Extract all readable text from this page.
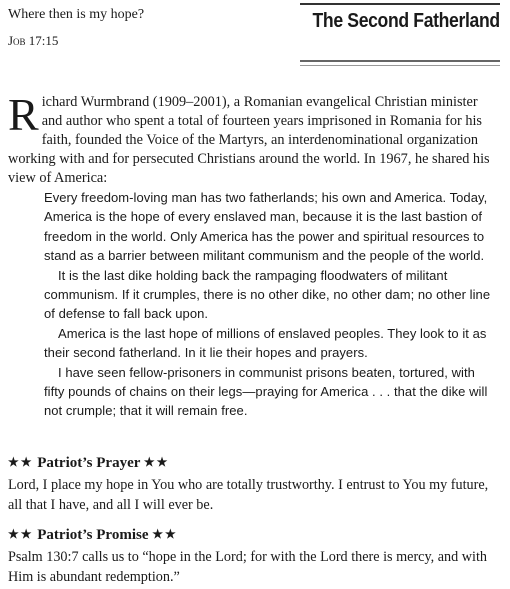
Where then is my hope?
Job 17:15
The Second Fatherland
Richard Wurmbrand (1909–2001), a Romanian evangelical Christian minister and author who spent a total of fourteen years imprisoned in Romania for his faith, founded the Voice of the Martyrs, an interdenominational organization working with and for persecuted Christians around the world. In 1967, he shared his view of America:

Every freedom-loving man has two fatherlands; his own and America. Today, America is the hope of every enslaved man, because it is the last bastion of freedom in the world. Only America has the power and spiritual resources to stand as a barrier between militant communism and the people of the world.

It is the last dike holding back the rampaging floodwaters of militant communism. If it crumples, there is no other dike, no other dam; no other line of defense to fall back upon.

America is the last hope of millions of enslaved peoples. They look to it as their second fatherland. In it lie their hopes and prayers.

I have seen fellow-prisoners in communist prisons beaten, tortured, with fifty pounds of chains on their legs—praying for America . . . that the dike will not crumple; that it will remain free.

★★ Patriot’s Prayer ★★
Lord, I place my hope in You who are totally trustworthy. I entrust to You my future, all that I have, and all I will ever be.
★★ Patriot’s Promise ★★
Psalm 130:7 calls us to “hope in the Lord; for with the Lord there is mercy, and with Him is abundant redemption.”
